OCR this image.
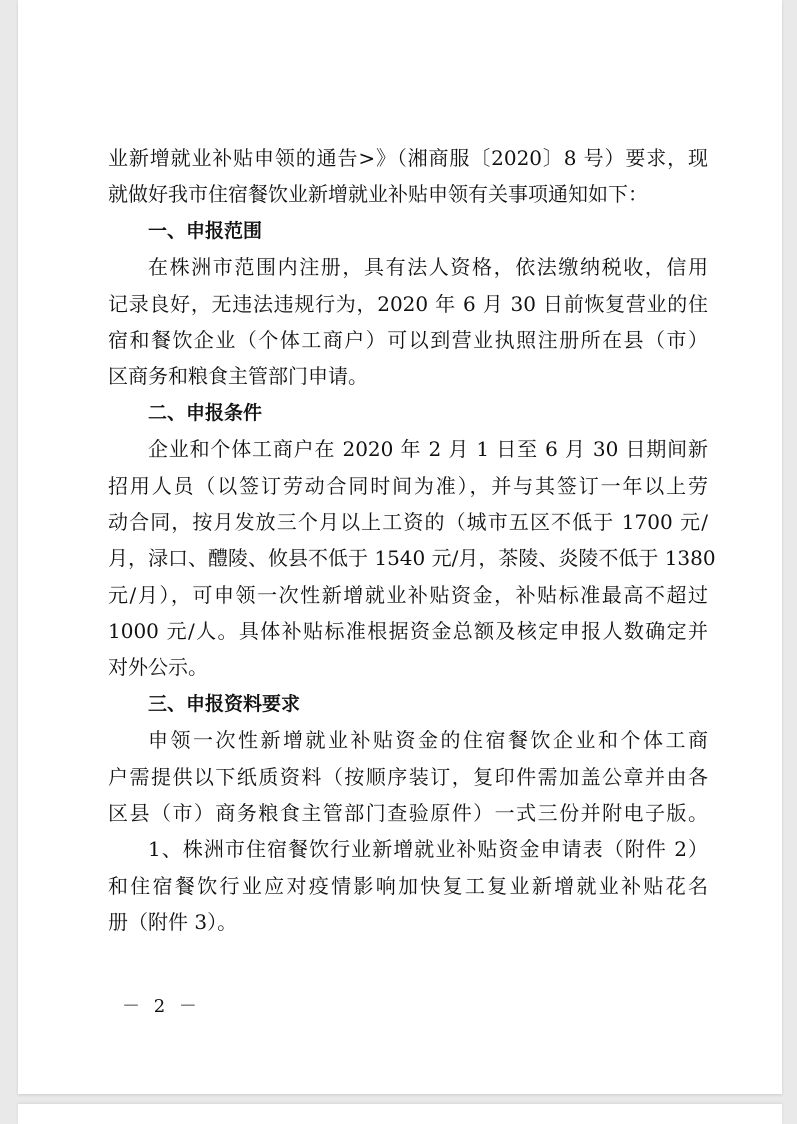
业新增就业补贴申领的通告>》（湘商服〔2020〕8 号）要求，现
就做好我市住宿餐饮业新增就业补贴申领有关事项通知如下：
一、申报范围
在株洲市范围内注册，具有法人资格，依法缴纳税收，信用
记录良好，无违法违规行为，2020 年 6 月 30 日前恢复营业的住
宿和餐饮企业（个体工商户）可以到营业执照注册所在县（市）
区商务和粮食主管部门申请。
二、申报条件
企业和个体工商户在 2020 年 2 月 1 日至 6 月 30 日期间新
招用人员（以签订劳动合同时间为准），并与其签订一年以上劳
动合同，按月发放三个月以上工资的（城市五区不低于 1700 元/
月，渌口、醴陵、攸县不低于 1540 元/月，茶陵、炎陵不低于 1380
元/月），可申领一次性新增就业补贴资金，补贴标准最高不超过
1000 元/人。具体补贴标准根据资金总额及核定申报人数确定并
对外公示。
三、申报资料要求
申领一次性新增就业补贴资金的住宿餐饮企业和个体工商
户需提供以下纸质资料（按顺序装订，复印件需加盖公章并由各
区县（市）商务粮食主管部门查验原件）一式三份并附电子版。
1、株洲市住宿餐饮行业新增就业补贴资金申请表（附件 2）
和住宿餐饮行业应对疫情影响加快复工复业新增就业补贴花名
册（附件 3）。
－ 2 －
